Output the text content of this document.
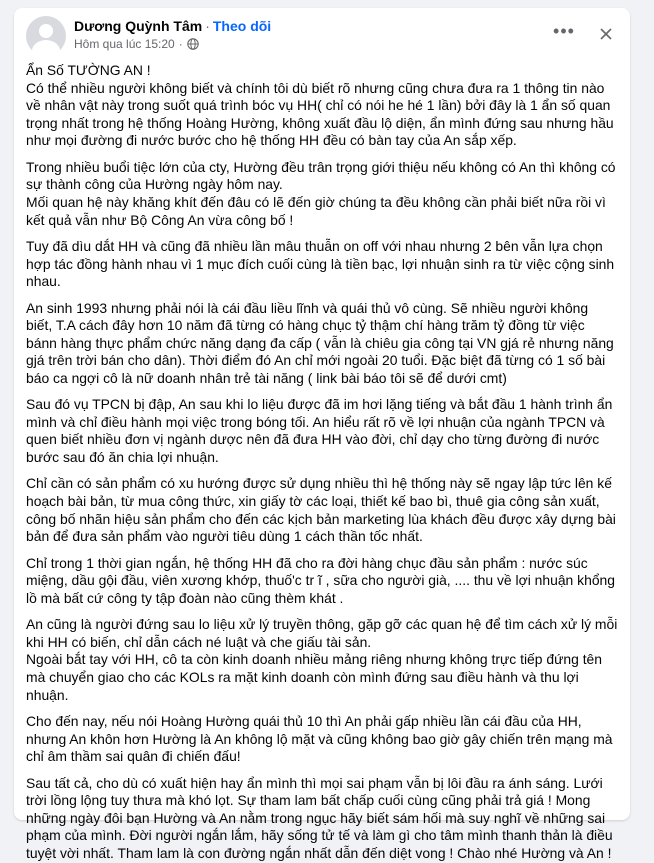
Dương Quỳnh Tâm · Theo dõi
Hôm qua lúc 15:20 ·
•••

Ẩn Số TƯỜNG AN !

Có thể nhiều người không biết và chính tôi dù biết rõ nhưng cũng chưa đưa ra 1 thông tin nào về nhân vật này trong suốt quá trình bóc vụ HH( chỉ có nói he hé 1 lần) bởi đây là 1 ẩn số quan trọng nhất trong hệ thống Hoàng Hường, không xuất đầu lộ diện, ẩn mình đứng sau nhưng hầu như mọi đường đi nước bước cho hệ thống HH đều có bàn tay của An sắp xếp.

Trong nhiều buổi tiệc lớn của cty, Hường đều trân trọng giới thiệu nếu không có An thì không có sự thành công của Hường ngày hôm nay.

Mối quan hệ này khăng khít đến đâu có lẽ đến giờ chúng ta đều không cần phải biết nữa rồi vì kết quả vẫn như Bộ Công An vừa công bố !

Tuy đã dìu dắt HH và cũng đã nhiều lần mâu thuẫn on off với nhau nhưng 2 bên vẫn lựa chọn hợp tác đồng hành nhau vì 1 mục đích cuối cùng là tiền bạc, lợi nhuận sinh ra từ việc cộng sinh nhau.

An sinh 1993 nhưng phải nói là cái đầu liều lĩnh và quái thủ vô cùng. Sẽ nhiều người không biết, T.A cách đây hơn 10 năm đã từng có hàng chục tỷ thậm chí hàng trăm tỷ đồng từ việc bánn hàng thực phẩm chức năng dạng đa cấp ( vẫn là chiêu gia công tại VN gjá rẻ nhưng năng gjá trên trời bán cho dân). Thời điểm đó An chỉ mới ngoài 20 tuổi. Đặc biệt đã từng có 1 số bài báo ca ngợi cô là nữ doanh nhân trẻ tài năng ( link bài báo tôi sẽ để dưới cmt)

Sau đó vụ TPCN bị đập, An sau khi lo liệu được đã im hơi lặng tiếng và bắt đầu 1 hành trình ẩn mình và chỉ điều hành mọi việc trong bóng tối. An hiểu rất rõ về lợi nhuận của ngành TPCN và quen biết nhiều đơn vị ngành dược nên đã đưa HH vào đời, chỉ dạy cho từng đường đi nước bước sau đó ăn chia lợi nhuận.

Chỉ cần có sản phẩm có xu hướng được sử dụng nhiều thì hệ thống này sẽ ngay lập tức lên kế hoạch bài bản, từ mua công thức, xin giấy tờ các loại, thiết kế bao bì, thuê gia công sản xuất, công bố nhãn hiệu sản phẩm cho đến các kịch bản marketing lùa khách đều được xây dựng bài bản để đưa sản phẩm vào người tiêu dùng 1 cách thần tốc nhất.

Chỉ trong 1 thời gian ngắn, hệ thống HH đã cho ra đời hàng chục đầu sản phẩm : nước súc miệng, dầu gội đầu, viên xương khớp, thuố'c tr ĩ , sữa cho người già, .... thu về lợi nhuận khổng lồ mà bất cứ công ty tập đoàn nào cũng thèm khát .

An cũng là người đứng sau lo liệu xử lý truyền thông, gặp gỡ các quan hệ để tìm cách xử lý mỗi khi HH có biến, chỉ dẫn cách né luật và che giấu tài sản.

Ngoài bắt tay với HH, cô ta còn kinh doanh nhiều mảng riêng nhưng không trực tiếp đứng tên mà chuyển giao cho các KOLs ra mặt kinh doanh còn mình đứng sau điều hành và thu lợi nhuận.

Cho đến nay, nếu nói Hoàng Hường quái thủ 10 thì An phải gấp nhiều lần cái đầu của HH, nhưng An khôn hơn Hường là An không lộ mặt và cũng không bao giờ gây chiến trên mạng mà chỉ âm thầm sai quân đi chiến đấu!

Sau tất cả, cho dù có xuất hiện hay ẩn mình thì mọi sai phạm vẫn bị lôi đầu ra ánh sáng. Lưới trời lồng lộng tuy thưa mà khó lọt. Sự tham lam bất chấp cuối cùng cũng phải trả giá ! Mong những ngày đôi bạn Hường và An nằm trong ngục hãy biết sám hối mà suy nghĩ về những sai phạm của mình. Đời người ngắn lắm, hãy sống tử tế và làm gì cho tâm mình thanh thản là điều tuyệt vời nhất. Tham lam là con đường ngắn nhất dẫn đến diệt vong ! Chào nhé Hường và An !
